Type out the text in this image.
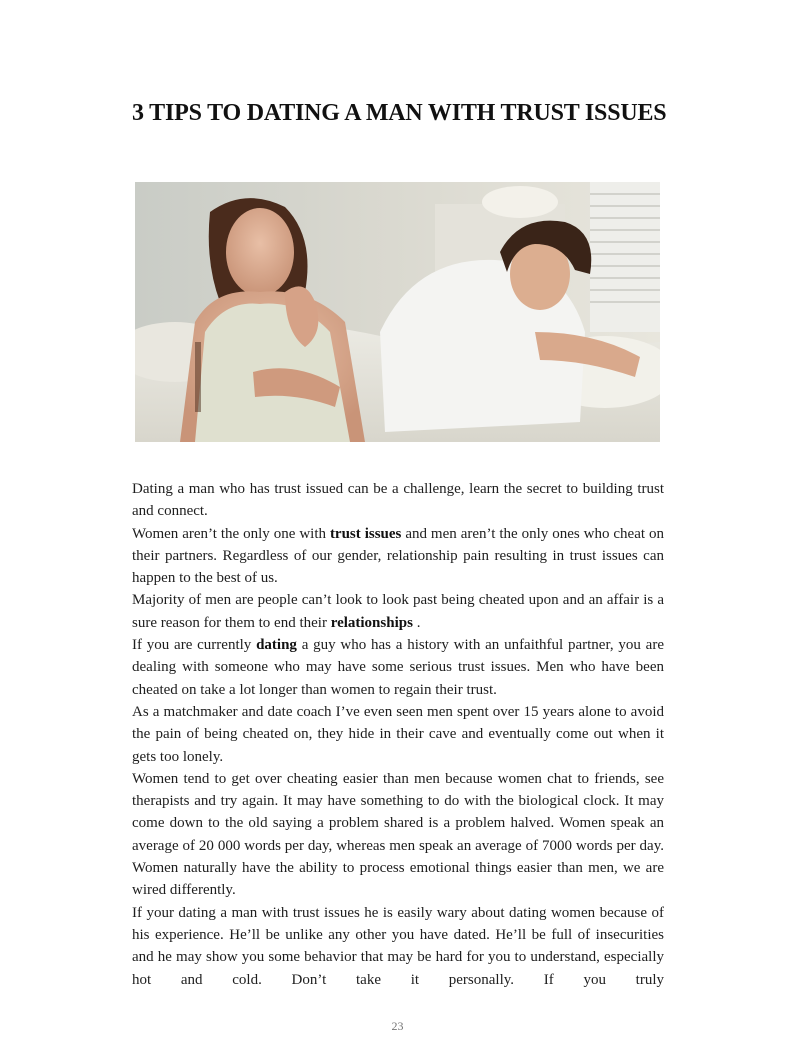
3 TIPS TO DATING A MAN WITH TRUST ISSUES

Dating a man who has trust issued can be a challenge, learn the secret to building trust and connect.

Women aren’t the only one with trust issues and men aren’t the only ones who cheat on their partners. Regardless of our gender, relationship pain resulting in trust issues can happen to the best of us.

Majority of men are people can’t look to look past being cheated upon and an affair is a sure reason for them to end their relationships .

If you are currently dating a guy who has a history with an unfaithful partner, you are dealing with someone who may have some serious trust issues. Men who have been cheated on take a lot longer than women to regain their trust.

As a matchmaker and date coach I’ve even seen men spent over 15 years alone to avoid the pain of being cheated on, they hide in their cave and eventually come out when it gets too lonely.

Women tend to get over cheating easier than men because women chat to friends, see therapists and try again. It may have something to do with the biological clock. It may come down to the old saying a problem shared is a problem halved. Women speak an average of 20 000 words per day, whereas men speak an average of 7000 words per day. Women naturally have the ability to process emotional things easier than men, we are wired differently.

If your dating a man with trust issues he is easily wary about dating women because of his experience. He’ll be unlike any other you have dated. He’ll be full of insecurities and he may show you some behavior that may be hard for you to understand, especially hot and cold. Don’t take it personally. If you truly

23
